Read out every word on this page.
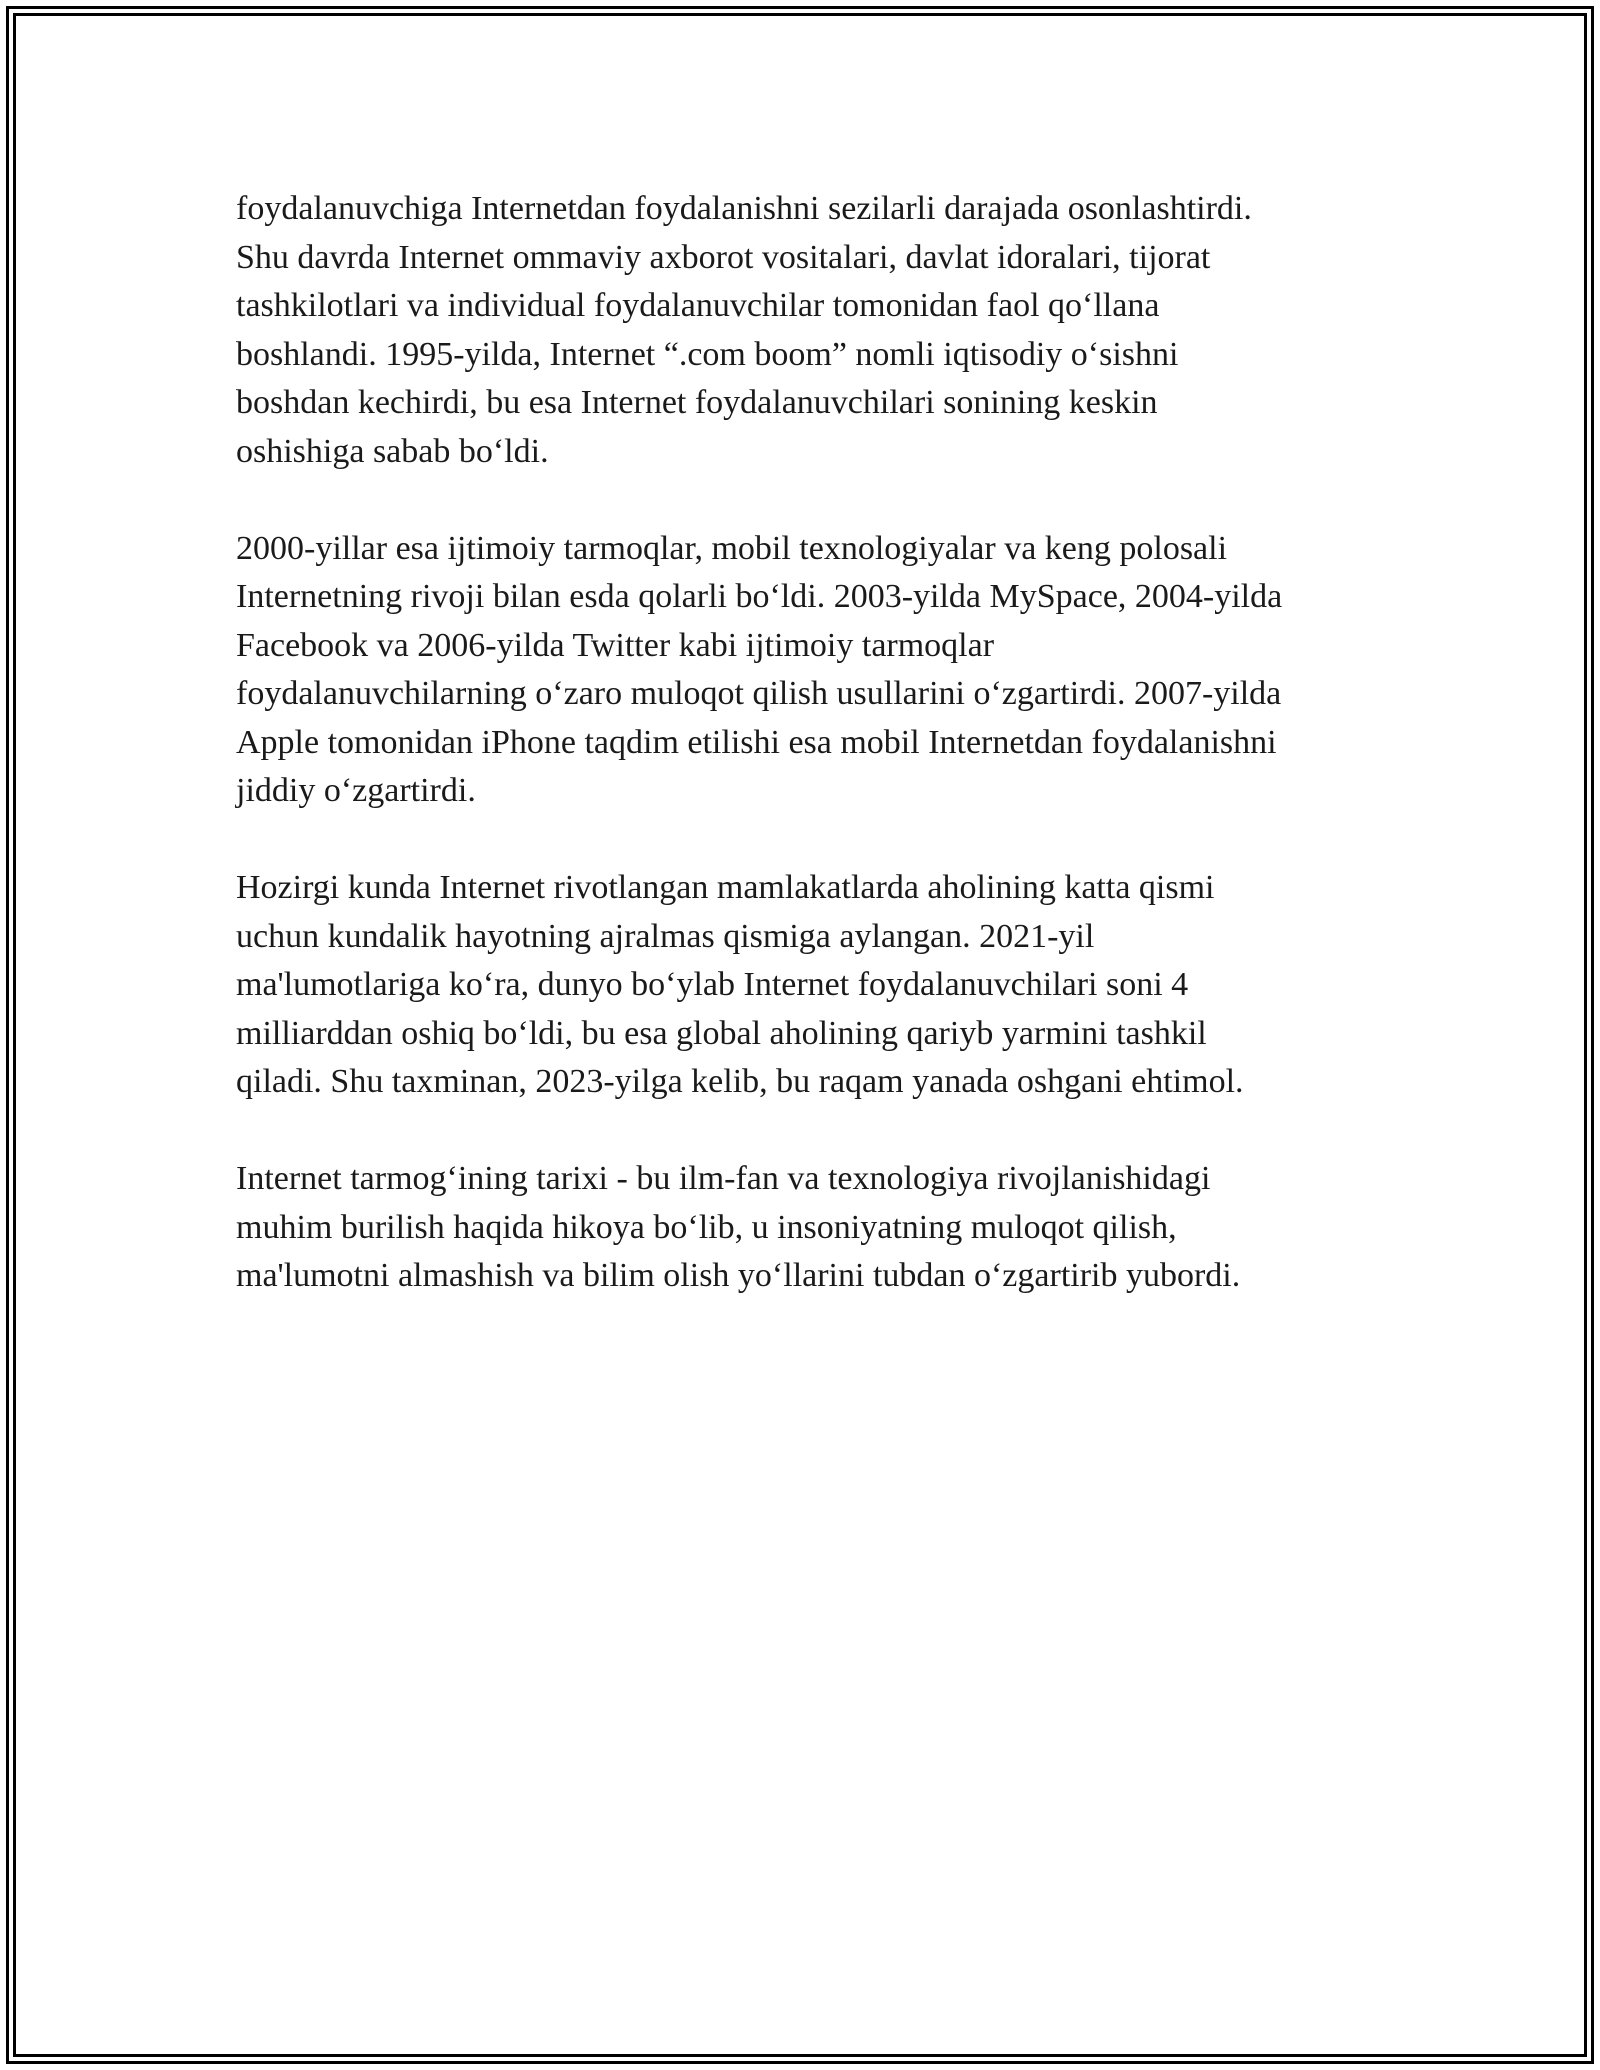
foydalanuvchiga Internetdan foydalanishni sezilarli darajada osonlashtirdi.
Shu davrda Internet ommaviy axborot vositalari, davlat idoralari, tijorat
tashkilotlari va individual foydalanuvchilar tomonidan faol qo‘llana
boshlandi. 1995-yilda, Internet “.com boom” nomli iqtisodiy o‘sishni
boshdan kechirdi, bu esa Internet foydalanuvchilari sonining keskin
oshishiga sabab bo‘ldi.

2000-yillar esa ijtimoiy tarmoqlar, mobil texnologiyalar va keng polosali
Internetning rivoji bilan esda qolarli bo‘ldi. 2003-yilda MySpace, 2004-yilda
Facebook va 2006-yilda Twitter kabi ijtimoiy tarmoqlar
foydalanuvchilarning o‘zaro muloqot qilish usullarini o‘zgartirdi. 2007-yilda
Apple tomonidan iPhone taqdim etilishi esa mobil Internetdan foydalanishni
jiddiy o‘zgartirdi.

Hozirgi kunda Internet rivotlangan mamlakatlarda aholining katta qismi
uchun kundalik hayotning ajralmas qismiga aylangan. 2021-yil
ma'lumotlariga ko‘ra, dunyo bo‘ylab Internet foydalanuvchilari soni 4
milliarddan oshiq bo‘ldi, bu esa global aholining qariyb yarmini tashkil
qiladi. Shu taxminan, 2023-yilga kelib, bu raqam yanada oshgani ehtimol.

Internet tarmog‘ining tarixi - bu ilm-fan va texnologiya rivojlanishidagi
muhim burilish haqida hikoya bo‘lib, u insoniyatning muloqot qilish,
ma'lumotni almashish va bilim olish yo‘llarini tubdan o‘zgartirib yubordi.
